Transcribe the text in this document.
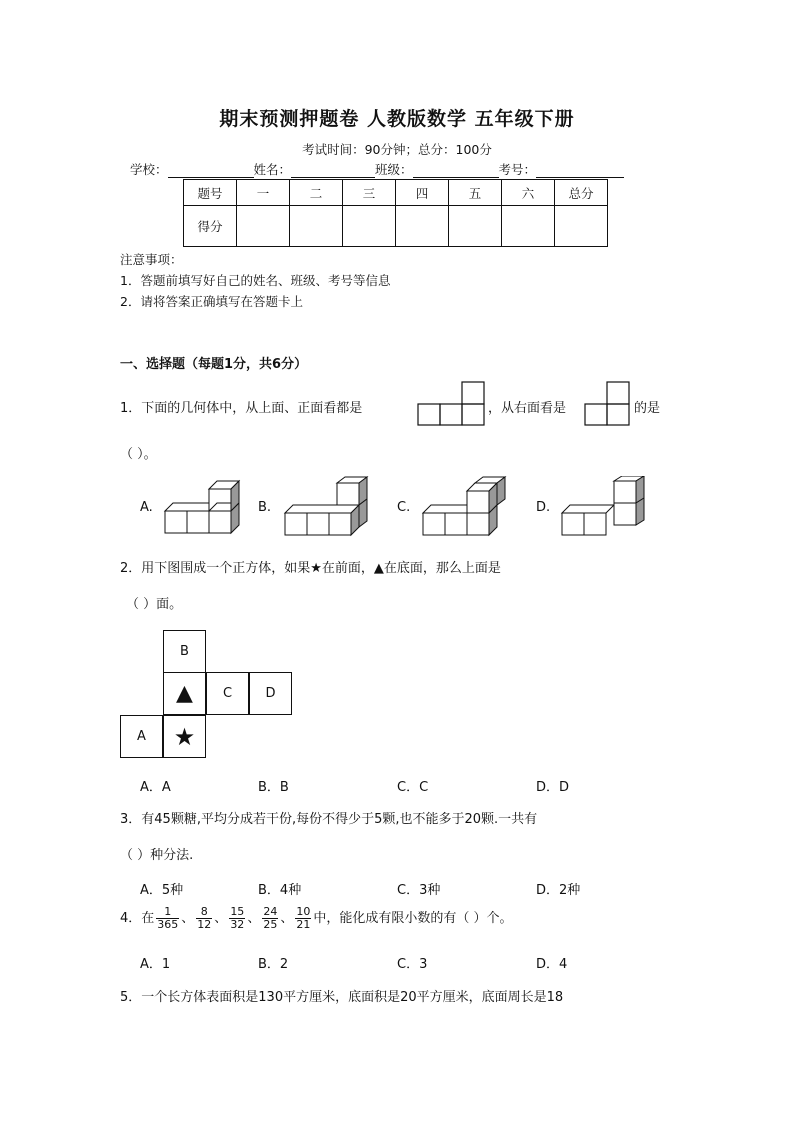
期末预测押题卷 人教版数学 五年级下册
考试时间：90分钟；总分：100分
学校：	姓名：	班级：	考号：
题号	一	二	三	四	五	六	总分
得分							
注意事项：
1．答题前填写好自己的姓名、班级、考号等信息
2．请将答案正确填写在答题卡上
一、选择题（每题1分，共6分）
1．下面的几何体中，从上面、正面看都是	，从右面看是	的是
（ ）。
A.	B.	C.	D.
2．用下图围成一个正方体，如果★在前面，▲在底面，那么上面是
（ ）面。
B
▲	C	D
A	★
A．A	B．B	C．C	D．D
3．有45颗糖,平均分成若干份,每份不得少于5颗,也不能多于20颗.一共有
（ ）种分法.
A．5种	B．4种	C．3种	D．2种
4．在 $\frac{1}{365}$ 、 $\frac{8}{12}$ 、 $\frac{15}{32}$ 、 $\frac{24}{25}$ 、 $\frac{10}{21}$ 中，能化成有限小数的有（ ）个。
A．1	B．2	C．3	D．4
5．一个长方体表面积是130平方厘米，底面积是20平方厘米，底面周长是18
